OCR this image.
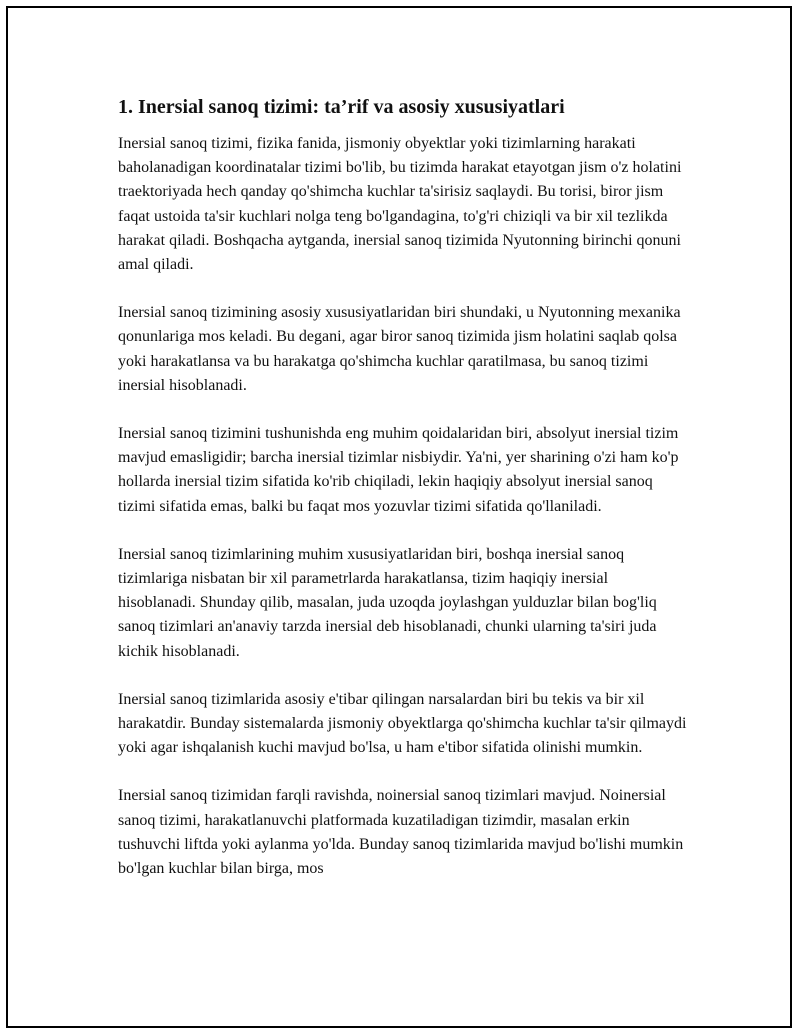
1. Inersial sanoq tizimi: ta’rif va asosiy xususiyatlari

Inersial sanoq tizimi, fizika fanida, jismoniy obyektlar yoki tizimlarning harakati baholanadigan koordinatalar tizimi bo'lib, bu tizimda harakat etayotgan jism o'z holatini traektoriyada hech qanday qo'shimcha kuchlar ta'sirisiz saqlaydi. Bu torisi, biror jism faqat ustoida ta'sir kuchlari nolga teng bo'lgandagina, to'g'ri chiziqli va bir xil tezlikda harakat qiladi. Boshqacha aytganda, inersial sanoq tizimida Nyutonning birinchi qonuni amal qiladi.

Inersial sanoq tizimining asosiy xususiyatlaridan biri shundaki, u Nyutonning mexanika qonunlariga mos keladi. Bu degani, agar biror sanoq tizimida jism holatini saqlab qolsa yoki harakatlansa va bu harakatga qo'shimcha kuchlar qaratilmasa, bu sanoq tizimi inersial hisoblanadi.

Inersial sanoq tizimini tushunishda eng muhim qoidalaridan biri, absolyut inersial tizim mavjud emasligidir; barcha inersial tizimlar nisbiydir. Ya'ni, yer sharining o'zi ham ko'p hollarda inersial tizim sifatida ko'rib chiqiladi, lekin haqiqiy absolyut inersial sanoq tizimi sifatida emas, balki bu faqat mos yozuvlar tizimi sifatida qo'llaniladi.

Inersial sanoq tizimlarining muhim xususiyatlaridan biri, boshqa inersial sanoq tizimlariga nisbatan bir xil parametrlarda harakatlansa, tizim haqiqiy inersial hisoblanadi. Shunday qilib, masalan, juda uzoqda joylashgan yulduzlar bilan bog'liq sanoq tizimlari an'anaviy tarzda inersial deb hisoblanadi, chunki ularning ta'siri juda kichik hisoblanadi.

Inersial sanoq tizimlarida asosiy e'tibar qilingan narsalardan biri bu tekis va bir xil harakatdir. Bunday sistemalarda jismoniy obyektlarga qo'shimcha kuchlar ta'sir qilmaydi yoki agar ishqalanish kuchi mavjud bo'lsa, u ham e'tibor sifatida olinishi mumkin.

Inersial sanoq tizimidan farqli ravishda, noinersial sanoq tizimlari mavjud. Noinersial sanoq tizimi, harakatlanuvchi platformada kuzatiladigan tizimdir, masalan erkin tushuvchi liftda yoki aylanma yo'lda. Bunday sanoq tizimlarida mavjud bo'lishi mumkin bo'lgan kuchlar bilan birga, mos
